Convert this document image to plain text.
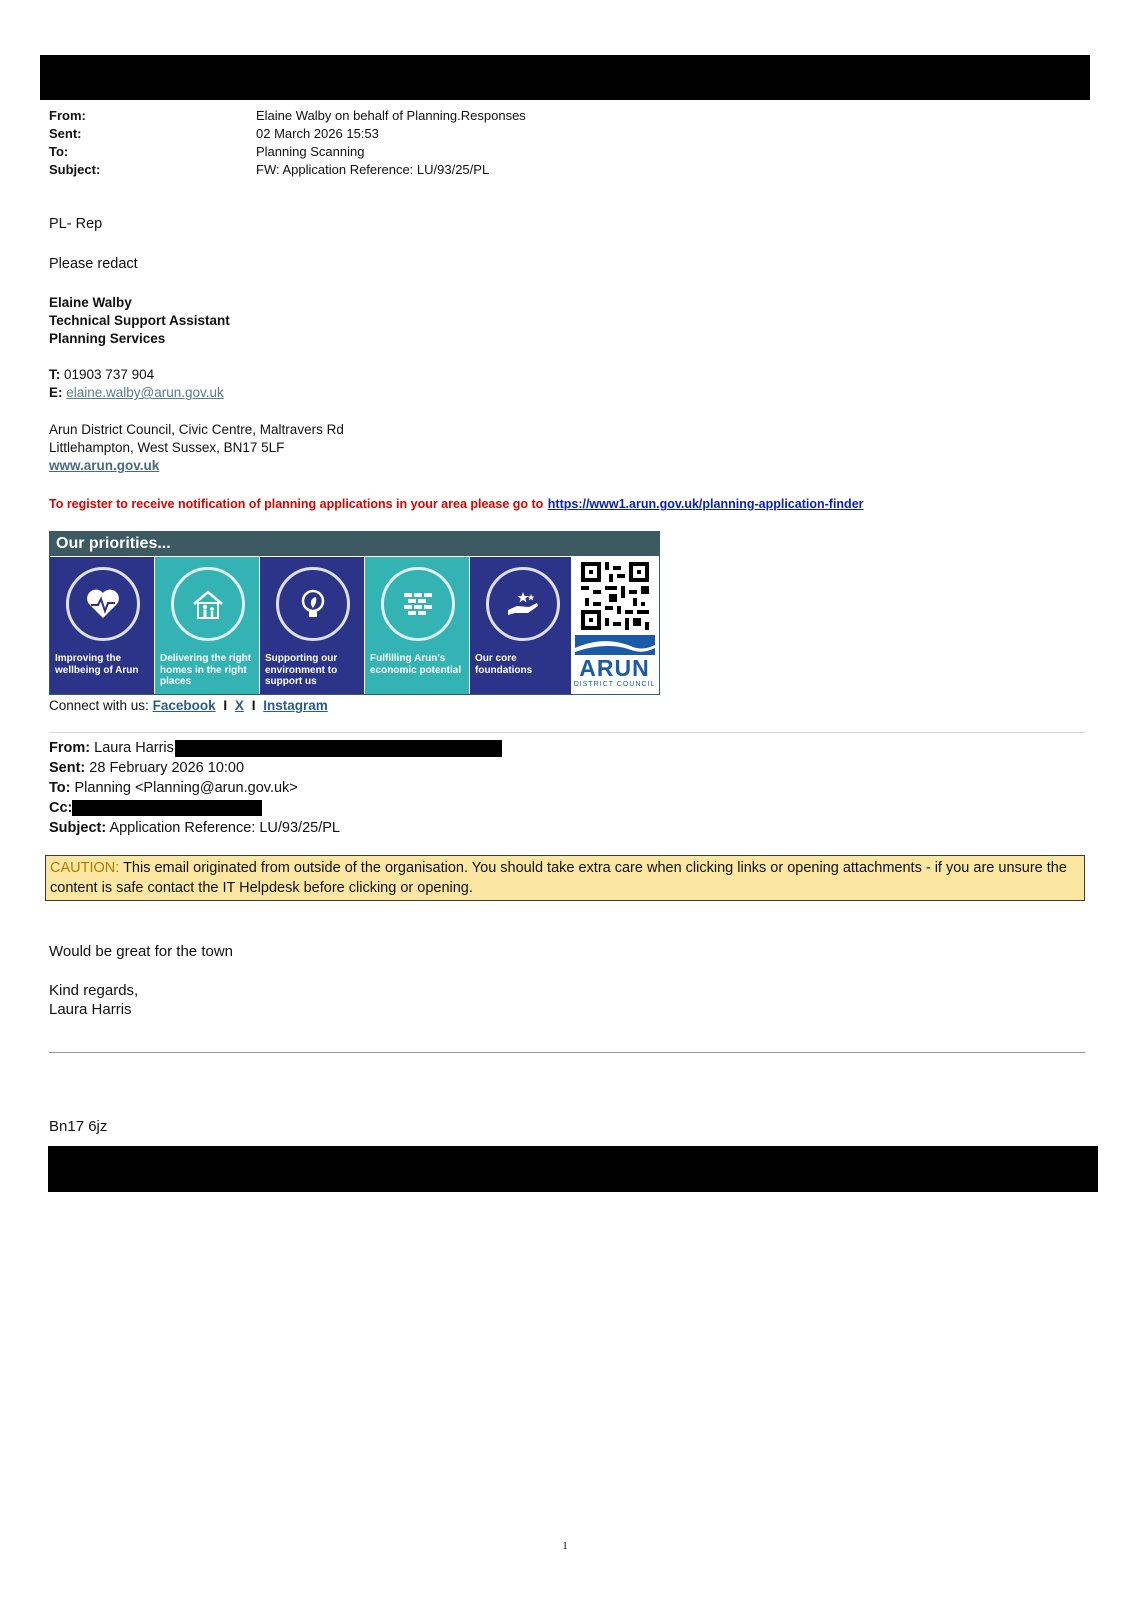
From:	Elaine Walby on behalf of Planning.Responses
Sent:	02 March 2026 15:53
To:	Planning Scanning
Subject:	FW: Application Reference: LU/93/25/PL
PL- Rep
Please redact
Elaine Walby
Technical Support Assistant
Planning Services
T: 01903 737 904
E: elaine.walby@arun.gov.uk
Arun District Council, Civic Centre, Maltravers Rd
Littlehampton, West Sussex, BN17 5LF
www.arun.gov.uk
To register to receive notification of planning applications in your area please go to https://www1.arun.gov.uk/planning-application-finder
Our priorities...
Improving the wellbeing of Arun
Delivering the right homes in the right places
Supporting our environment to support us
Fulfilling Arun's economic potential
Our core foundations	ARUN
DISTRICT COUNCIL
Connect with us: Facebook I X I Instagram
From: Laura Harris
Sent: 28 February 2026 10:00
To: Planning <Planning@arun.gov.uk>
Cc:
Subject: Application Reference: LU/93/25/PL
CAUTION: This email originated from outside of the organisation. You should take extra care when clicking links or opening attachments - if you are unsure the content is safe contact the IT Helpdesk before clicking or opening.
Would be great for the town
Kind regards,
Laura Harris
Bn17 6jz
1
